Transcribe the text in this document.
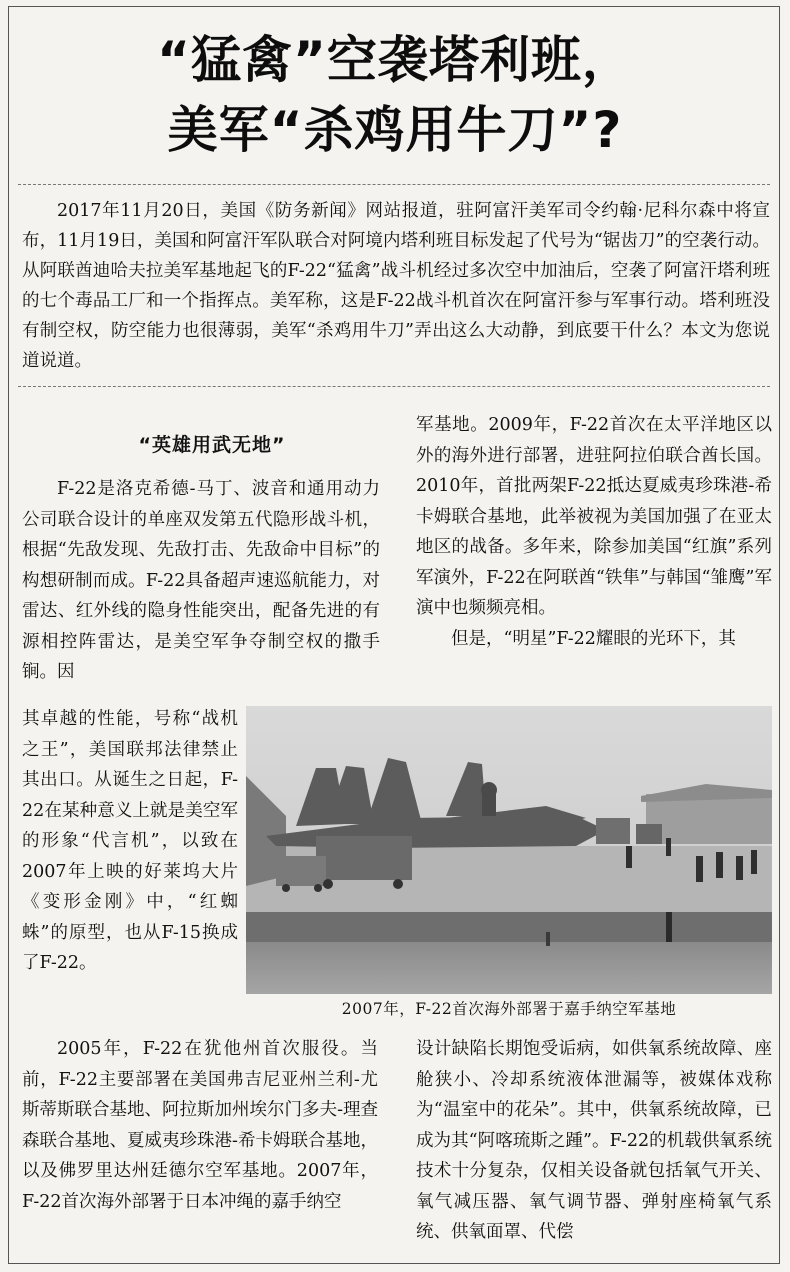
“猛禽”空袭塔利班，
美军“杀鸡用牛刀”?

2017年11月20日，美国《防务新闻》网站报道，驻阿富汗美军司令约翰·尼科尔森中将宣布，11月19日，美国和阿富汗军队联合对阿境内塔利班目标发起了代号为“锯齿刀”的空袭行动。从阿联酋迪哈夫拉美军基地起飞的F-22“猛禽”战斗机经过多次空中加油后，空袭了阿富汗塔利班的七个毒品工厂和一个指挥点。美军称，这是F-22战斗机首次在阿富汗参与军事行动。塔利班没有制空权，防空能力也很薄弱，美军“杀鸡用牛刀”弄出这么大动静，到底要干什么？本文为您说道说道。

“英雄用武无地”

F-22是洛克希德-马丁、波音和通用动力公司联合设计的单座双发第五代隐形战斗机，根据“先敌发现、先敌打击、先敌命中目标”的构想研制而成。F-22具备超声速巡航能力，对雷达、红外线的隐身性能突出，配备先进的有源相控阵雷达，是美空军争夺制空权的撒手锏。因

其卓越的性能，号称“战机之王”，美国联邦法律禁止其出口。从诞生之日起，F-22在某种意义上就是美空军的形象“代言机”，以致在2007年上映的好莱坞大片《变形金刚》中，“红蜘蛛”的原型，也从F-15换成了F-22。

2005年，F-22在犹他州首次服役。当前，F-22主要部署在美国弗吉尼亚州兰利-尤斯蒂斯联合基地、阿拉斯加州埃尔门多夫-理查森联合基地、夏威夷珍珠港-希卡姆联合基地，以及佛罗里达州廷德尔空军基地。2007年，F-22首次海外部署于日本冲绳的嘉手纳空

军基地。2009年，F-22首次在太平洋地区以外的海外进行部署，进驻阿拉伯联合酋长国。2010年，首批两架F-22抵达夏威夷珍珠港-希卡姆联合基地，此举被视为美国加强了在亚太地区的战备。多年来，除参加美国“红旗”系列军演外，F-22在阿联酋“铁隼”与韩国“雏鹰”军演中也频频亮相。

但是，“明星”F-22耀眼的光环下，其

设计缺陷长期饱受诟病，如供氧系统故障、座舱狭小、冷却系统液体泄漏等，被媒体戏称为“温室中的花朵”。其中，供氧系统故障，已成为其“阿喀琉斯之踵”。F-22的机载供氧系统技术十分复杂，仅相关设备就包括氧气开关、氧气减压器、氧气调节器、弹射座椅氧气系统、供氧面罩、代偿

2007年，F-22首次海外部署于嘉手纳空军基地
